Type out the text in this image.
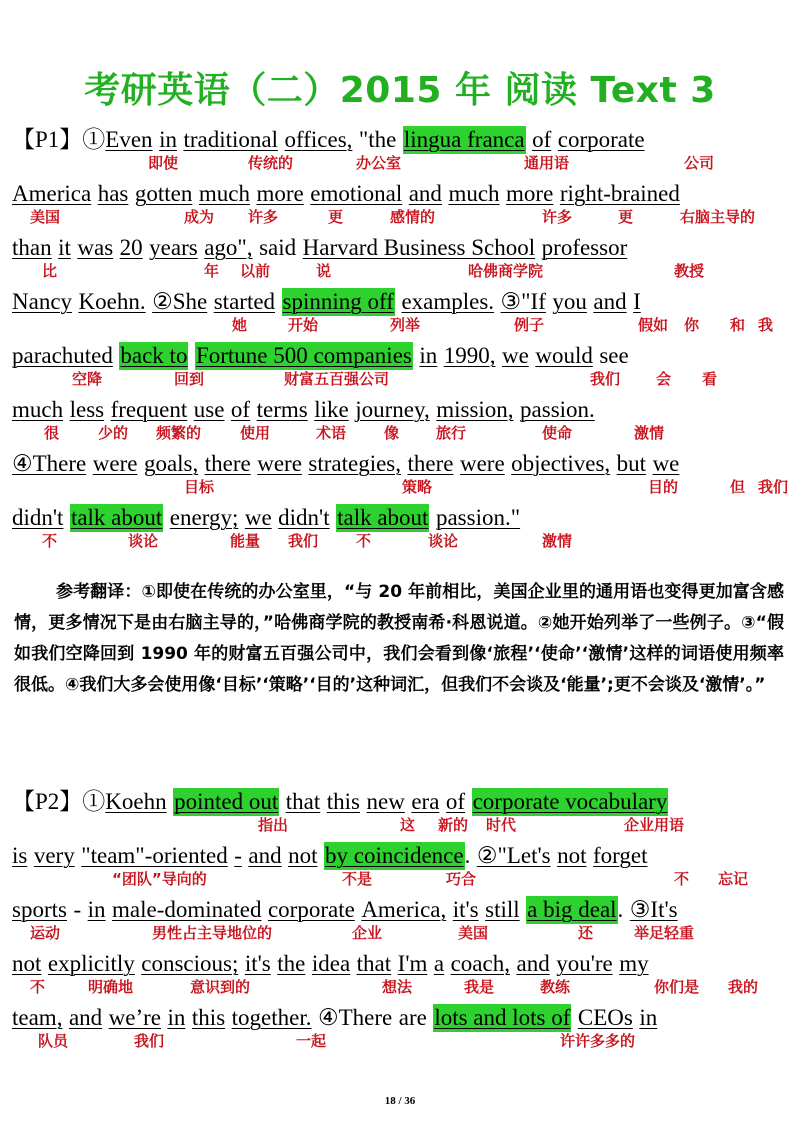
考研英语（二）2015 年 阅读 Text 3
【P1】①Even in traditional offices, "the lingua franca of corporate
即使	传统的	办公室	通用语	公司
America has gotten much more emotional and much more right-brained
美国	成为 许多	更	感情的	许多	更	右脑主导的
than it was 20 years ago", said Harvard Business School professor
比	年 以前	说	哈佛商学院	教授
Nancy Koehn. ②She started spinning off examples. ③"If you and I
她	开始	列举	例子	假如 你 和 我
parachuted back to Fortune 500 companies in 1990, we would see
空降	回到	财富五百强公司	我们 会 看
much less frequent use of terms like journey, mission, passion.
很	少的 频繁的	使用	术语	像 旅行	使命	激情
④There were goals, there were strategies, there were objectives, but we
目标	策略	目的	但 我们
didn't talk about energy; we didn't talk about passion."
不	谈论	能量 我们	不	谈论	激情
参考翻译：①即使在传统的办公室里，“与 20 年前相比，美国企业里的通用语也变得更加富含感情，更多情况下是由右脑主导的，”哈佛商学院的教授南希·科恩说道。②她开始列举了一些例子。③“假如我们空降回到 1990 年的财富五百强公司中，我们会看到像‘旅程’‘使命’‘激情’这样的词语使用频率很低。④我们大多会使用像‘目标’‘策略’‘目的’这种词汇，但我们不会谈及‘能量’;更不会谈及‘激情’。”
【P2】①Koehn pointed out that this new era of corporate vocabulary
指出	这 新的 时代	企业用语
is very "team"-oriented - and not by coincidence. ②"Let's not forget
“团队”导向的	不是	巧合	不 忘记
sports - in male-dominated corporate America, it's still a big deal. ③It's
运动	男性占主导地位的	企业	美国	还	举足轻重
not explicitly conscious; it's the idea that I'm a coach, and you're my
不	明确地	意识到的	想法	我是	教练	你们是 我的
team, and we’re in this together. ④There are lots and lots of CEOs in
队员	我们	一起	许许多多的
18 / 36
